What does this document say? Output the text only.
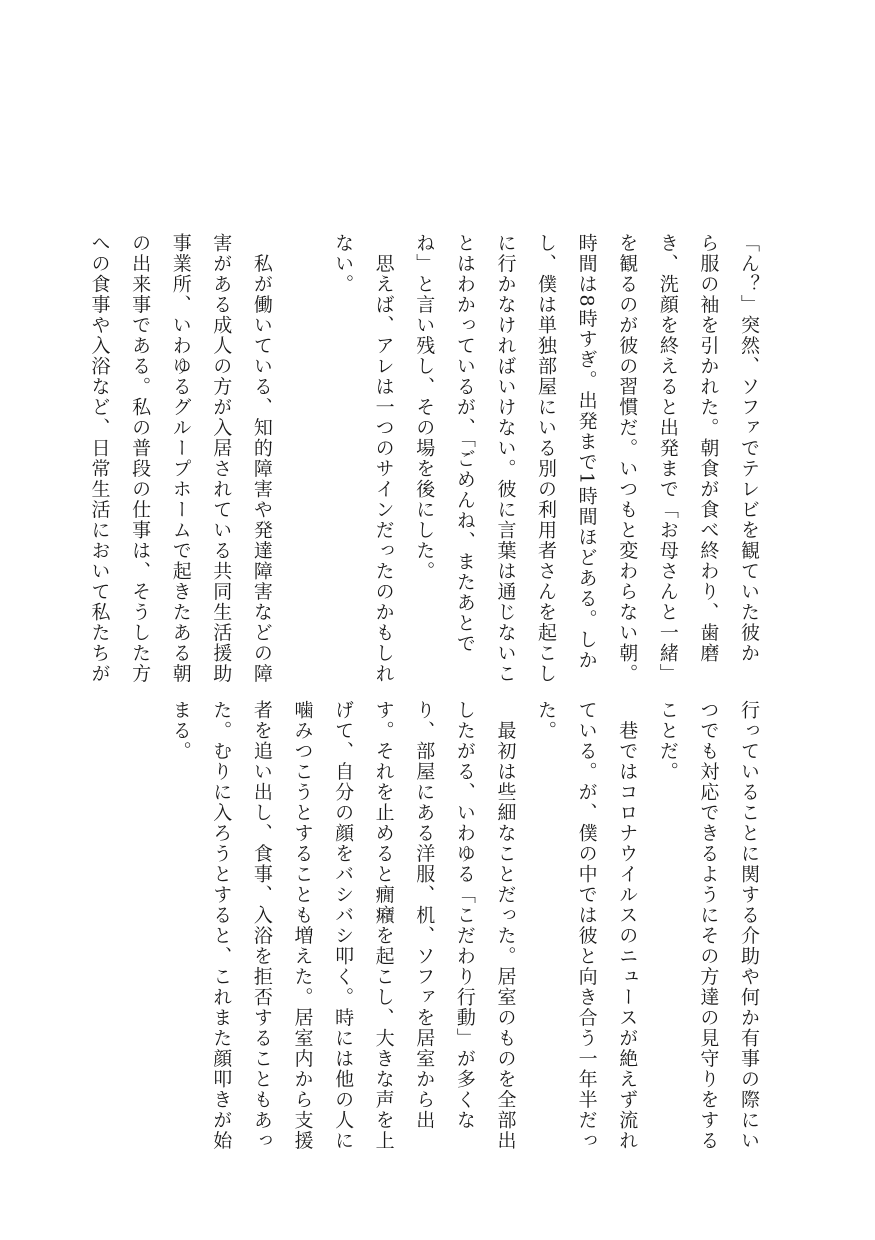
「ん？」突然、ソファでテレビを観ていた彼か
ら服の袖を引かれた。朝食が食べ終わり、歯磨
き、洗顔を終えると出発まで「お母さんと一緒」
を観るのが彼の習慣だ。いつもと変わらない朝。
時間は8時すぎ。出発まで1時間ほどある。しか
し、僕は単独部屋にいる別の利用者さんを起こし
に行かなければいけない。彼に言葉は通じないこ
とはわかっているが、「ごめんね、またあとで
ね」と言い残し、その場を後にした。
　思えば、アレは一つのサインだったのかもしれ
ない。
　私が働いている、知的障害や発達障害などの障
害がある成人の方が入居されている共同生活援助
事業所、いわゆるグループホームで起きたある朝
の出来事である。私の普段の仕事は、そうした方
への食事や入浴など、日常生活において私たちが
行っていることに関する介助や何か有事の際にい
つでも対応できるようにその方達の見守りをする
ことだ。
　巷ではコロナウイルスのニュースが絶えず流れ
ている。が、僕の中では彼と向き合う一年半だっ
た。
　最初は些細なことだった。居室のものを全部出
したがる、いわゆる「こだわり行動」が多くな
り、部屋にある洋服、机、ソファを居室から出
す。それを止めると癇癪を起こし、大きな声を上
げて、自分の顔をバシバシ叩く。時には他の人に
噛みつこうとすることも増えた。居室内から支援
者を追い出し、食事、入浴を拒否することもあっ
た。むりに入ろうとすると、これまた顔叩きが始
まる。
